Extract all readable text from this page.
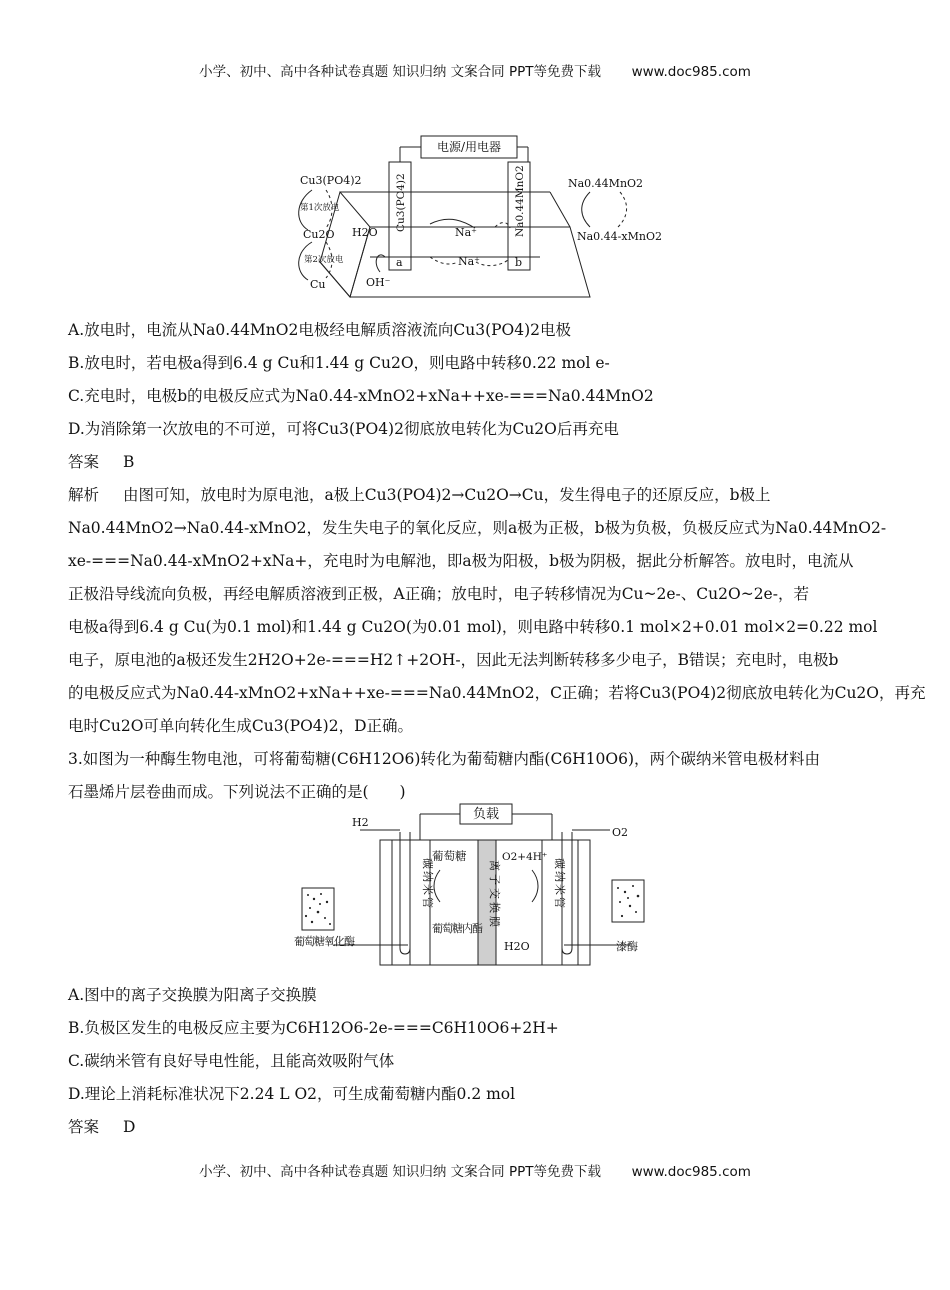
小学、初中、高中各种试卷真题 知识归纳 文案合同 PPT等免费下载 www.doc985.com
电源/用电器
Cu3(PO4)2	Na0.44MnO2
Cu3(PO4)2
第1次放电
Cu2O
第2次放电
Cu
H2O
OH⁻
Na⁺
Na⁺
a	b
Na0.44MnO2
Na0.44-xMnO2
A.放电时，电流从Na0.44MnO2电极经电解质溶液流向Cu3(PO4)2电极
B.放电时，若电极a得到6.4 g Cu和1.44 g Cu2O，则电路中转移0.22 mol e-
C.充电时，电极b的电极反应式为Na0.44-xMnO2+xNa++xe-===Na0.44MnO2
D.为消除第一次放电的不可逆，可将Cu3(PO4)2彻底放电转化为Cu2O后再充电
答案 B
解析 由图可知，放电时为原电池，a极上Cu3(PO4)2→Cu2O→Cu，发生得电子的还原反应，b极上
Na0.44MnO2→Na0.44-xMnO2，发生失电子的氧化反应，则a极为正极，b极为负极，负极反应式为Na0.44MnO2-
xe-===Na0.44-xMnO2+xNa+，充电时为电解池，即a极为阳极，b极为阴极，据此分析解答。放电时，电流从
正极沿导线流向负极，再经电解质溶液到正极，A正确；放电时，电子转移情况为Cu~2e-、Cu2O~2e-，若
电极a得到6.4 g Cu(为0.1 mol)和1.44 g Cu2O(为0.01 mol)，则电路中转移0.1 mol×2+0.01 mol×2=0.22 mol
电子，原电池的a极还发生2H2O+2e-===H2↑+2OH-，因此无法判断转移多少电子，B错误；充电时，电极b
的电极反应式为Na0.44-xMnO2+xNa++xe-===Na0.44MnO2，C正确；若将Cu3(PO4)2彻底放电转化为Cu2O，再充
电时Cu2O可单向转化生成Cu3(PO4)2，D正确。
3.如图为一种酶生物电池，可将葡萄糖(C6H12O6)转化为葡萄糖内酯(C6H10O6)，两个碳纳米管电极材料由
石墨烯片层卷曲而成。下列说法不正确的是(　　)
负载
H2
O2
葡萄糖
葡萄糖内酯
O2+4H⁺
H2O
碳纳米管	碳纳米管
离子交换膜
葡萄糖氧化酶	漆酶
A.图中的离子交换膜为阳离子交换膜
B.负极区发生的电极反应主要为C6H12O6-2e-===C6H10O6+2H+
C.碳纳米管有良好导电性能，且能高效吸附气体
D.理论上消耗标准状况下2.24 L O2，可生成葡萄糖内酯0.2 mol
答案 D
小学、初中、高中各种试卷真题 知识归纳 文案合同 PPT等免费下载 www.doc985.com
